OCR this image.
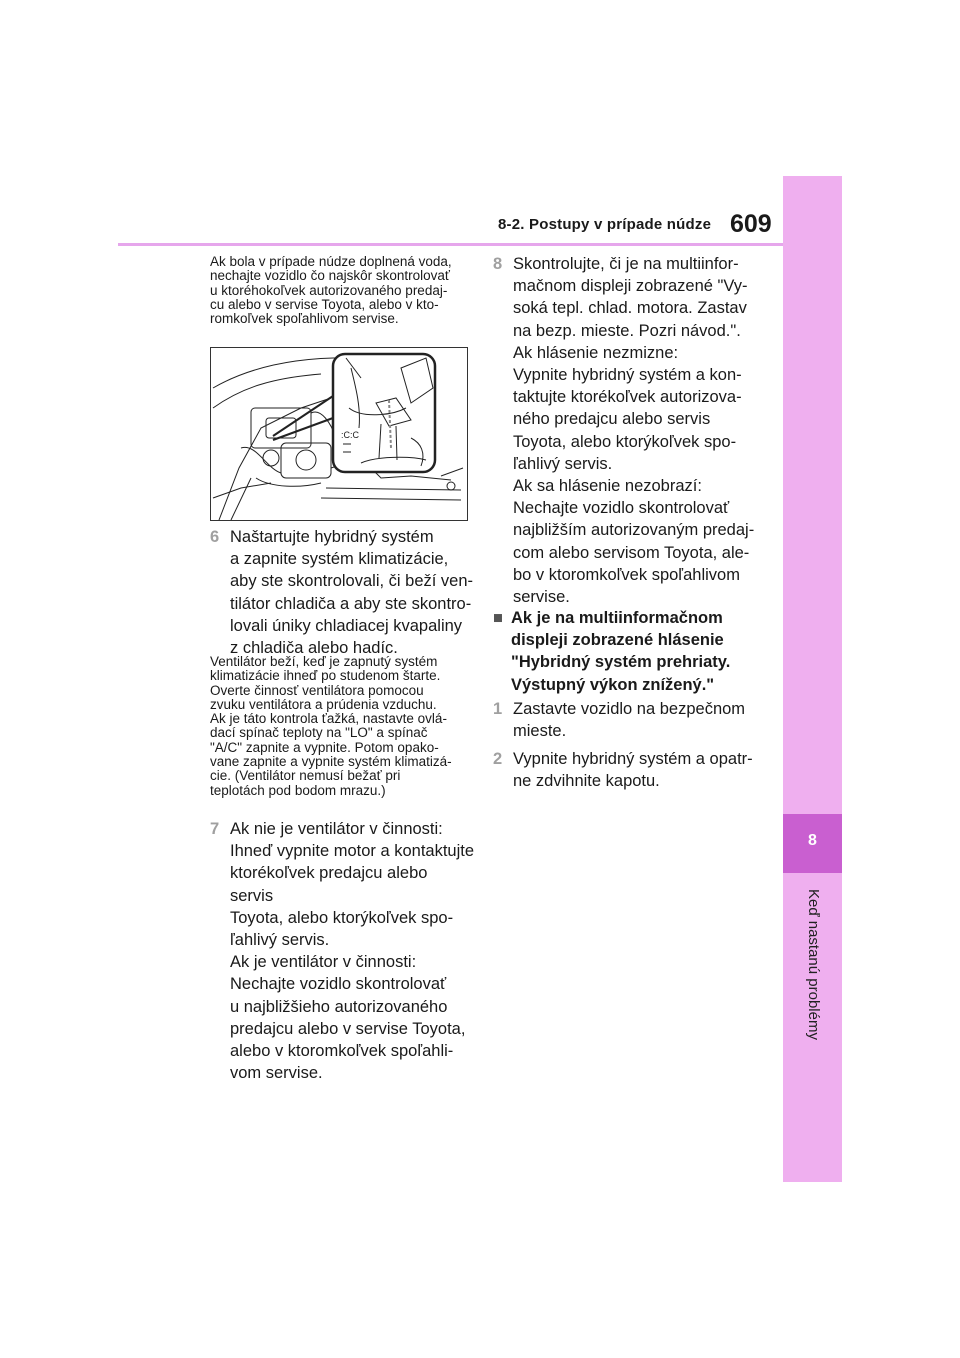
8-2. Postupy v prípade núdze 609
8
Keď nastanú problémy
Ak bola v prípade núdze doplnená voda,
nechajte vozidlo čo najskôr skontrolovať
u ktoréhokoľvek autorizovaného predaj-
cu alebo v servise Toyota, alebo v kto-
romkoľvek spoľahlivom servise.
:C:C
6 Naštartujte hybridný systém
a zapnite systém klimatizácie,
aby ste skontrolovali, či beží ven-
tilátor chladiča a aby ste skontro-
lovali úniky chladiacej kvapaliny
z chladiča alebo hadíc.
Ventilátor beží, keď je zapnutý systém
klimatizácie ihneď po studenom štarte.
Overte činnosť ventilátora pomocou
zvuku ventilátora a prúdenia vzduchu.
Ak je táto kontrola ťažká, nastavte ovlá-
dací spínač teploty na "LO" a spínač
"A/C" zapnite a vypnite. Potom opako-
vane zapnite a vypnite systém klimatizá-
cie. (Ventilátor nemusí bežať pri
teplotách pod bodom mrazu.)
7 Ak nie je ventilátor v činnosti:
Ihneď vypnite motor a kontaktujte
ktorékoľvek predajcu alebo servis
Toyota, alebo ktorýkoľvek spo-
ľahlivý servis.
Ak je ventilátor v činnosti:
Nechajte vozidlo skontrolovať
u najbližšieho autorizovaného
predajcu alebo v servise Toyota,
alebo v ktoromkoľvek spoľahli-
vom servise.
8 Skontrolujte, či je na multiinfor-
mačnom displeji zobrazené "Vy-
soká tepl. chlad. motora. Zastav
na bezp. mieste. Pozri návod.".
Ak hlásenie nezmizne:
Vypnite hybridný systém a kon-
taktujte ktorékoľvek autorizova-
ného predajcu alebo servis
Toyota, alebo ktorýkoľvek spo-
ľahlivý servis.
Ak sa hlásenie nezobrazí:
Nechajte vozidlo skontrolovať
najbližším autorizovaným predaj-
com alebo servisom Toyota, ale-
bo v ktoromkoľvek spoľahlivom
servise.
■ Ak je na multiinformačnom
displeji zobrazené hlásenie
"Hybridný systém prehriaty.
Výstupný výkon znížený."
1 Zastavte vozidlo na bezpečnom
mieste.
2 Vypnite hybridný systém a opatr-
ne zdvihnite kapotu.
